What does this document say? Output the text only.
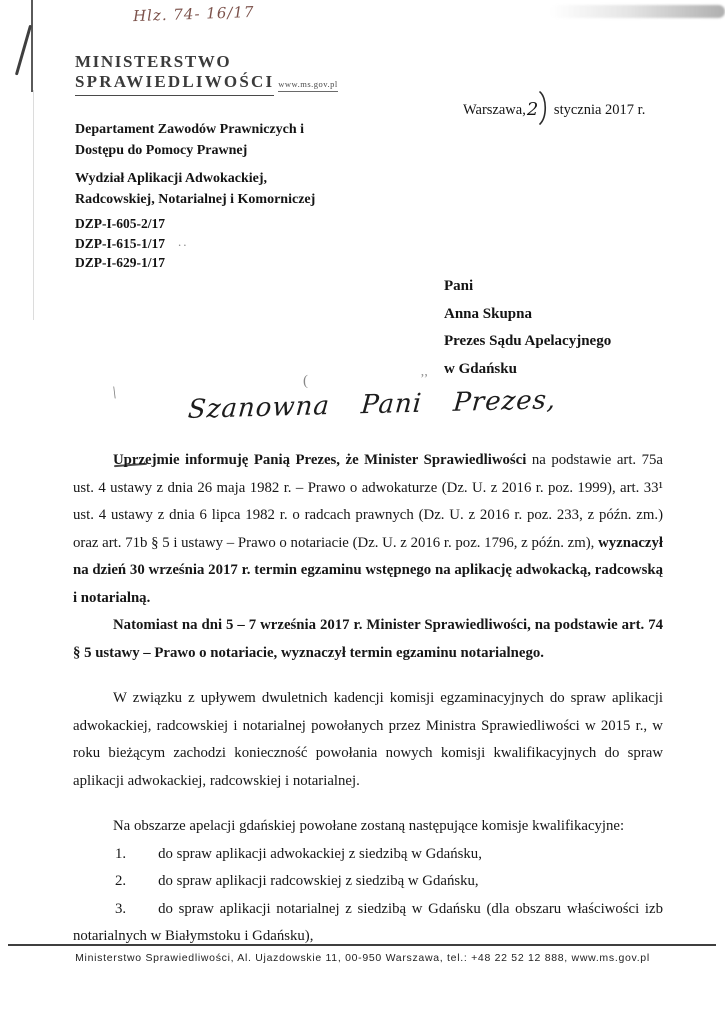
Hlz. 74- 16/17
(	’’
\
..
MINISTERSTWO
SPRAWIEDLIWOŚCI www.ms.gov.pl
Warszawa,2 stycznia 2017 r.
Departament Zawodów Prawniczych i
Dostępu do Pomocy Prawnej
Wydział Aplikacji Adwokackiej,
Radcowskiej, Notarialnej i Komorniczej
DZP-I-605-2/17
DZP-I-615-1/17
DZP-I-629-1/17
Pani
Anna Skupna
Prezes Sądu Apelacyjnego
w Gdańsku
Szanowna Pani Prezes,

Uprzejmie informuję Panią Prezes, że Minister Sprawiedliwości na podstawie art. 75a ust. 4 ustawy z dnia 26 maja 1982 r. – Prawo o adwokaturze (Dz. U. z 2016 r. poz. 1999), art. 33¹ ust. 4 ustawy z dnia 6 lipca 1982 r. o radcach prawnych (Dz. U. z 2016 r. poz. 233, z późn. zm.) oraz art. 71b § 5 i ustawy – Prawo o notariacie (Dz. U. z 2016 r. poz. 1796, z późn. zm), wyznaczył na dzień 30 września 2017 r. termin egzaminu wstępnego na aplikację adwokacką, radcowską i notarialną.

Natomiast na dni 5 – 7 września 2017 r. Minister Sprawiedliwości, na podstawie art. 74 § 5 ustawy – Prawo o notariacie, wyznaczył termin egzaminu notarialnego.

W związku z upływem dwuletnich kadencji komisji egzaminacyjnych do spraw aplikacji adwokackiej, radcowskiej i notarialnej powołanych przez Ministra Sprawiedliwości w 2015 r., w roku bieżącym zachodzi konieczność powołania nowych komisji kwalifikacyjnych do spraw aplikacji adwokackiej, radcowskiej i notarialnej.

Na obszarze apelacji gdańskiej powołane zostaną następujące komisje kwalifikacyjne:

1. do spraw aplikacji adwokackiej z siedzibą w Gdańsku,

2. do spraw aplikacji radcowskiej z siedzibą w Gdańsku,

3. do spraw aplikacji notarialnej z siedzibą w Gdańsku (dla obszaru właściwości izb notarialnych w Białymstoku i Gdańsku),

Ministerstwo Sprawiedliwości, Al. Ujazdowskie 11, 00-950 Warszawa, tel.: +48 22 52 12 888, www.ms.gov.pl
